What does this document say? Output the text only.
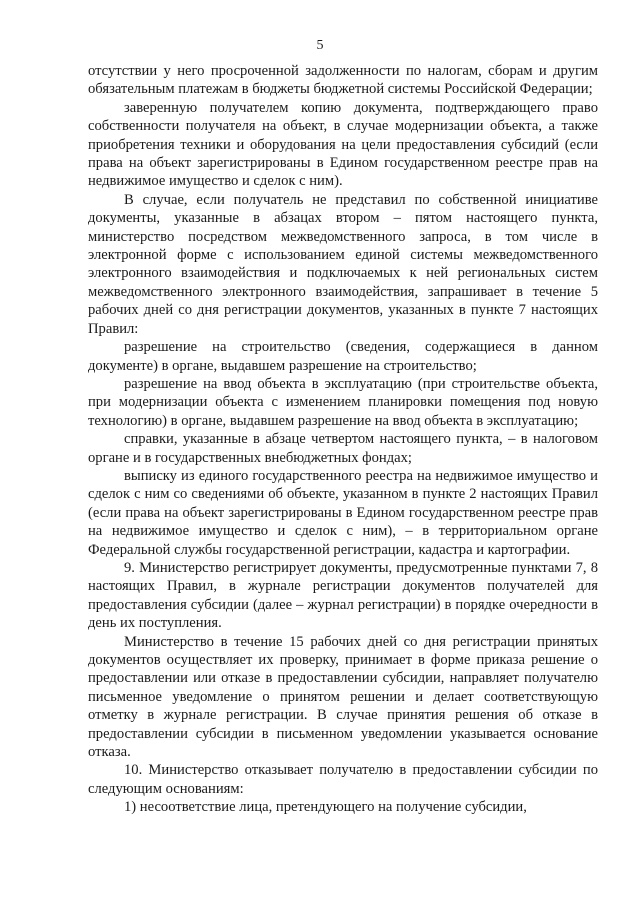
5

отсутствии у него просроченной задолженности по налогам, сборам и другим обязательным платежам в бюджеты бюджетной системы Российской Федерации;

заверенную получателем копию документа, подтверждающего право собственности получателя на объект, в случае модернизации объекта, а также приобретения техники и оборудования на цели предоставления субсидий (если права на объект зарегистрированы в Едином государственном реестре прав на недвижимое имущество и сделок с ним).

В случае, если получатель не представил по собственной инициативе документы, указанные в абзацах втором – пятом настоящего пункта, министерство посредством межведомственного запроса, в том числе в электронной форме с использованием единой системы межведомственного электронного взаимодействия и подключаемых к ней региональных систем межведомственного электронного взаимодействия, запрашивает в течение 5 рабочих дней со дня регистрации документов, указанных в пункте 7 настоящих Правил:

разрешение на строительство (сведения, содержащиеся в данном документе) в органе, выдавшем разрешение на строительство;

разрешение на ввод объекта в эксплуатацию (при строительстве объекта, при модернизации объекта с изменением планировки помещения под новую технологию) в органе, выдавшем разрешение на ввод объекта в эксплуатацию;

справки, указанные в абзаце четвертом настоящего пункта, – в налоговом органе и в государственных внебюджетных фондах;

выписку из единого государственного реестра на недвижимое имущество и сделок с ним со сведениями об объекте, указанном в пункте 2 настоящих Правил (если права на объект зарегистрированы в Едином государственном реестре прав на недвижимое имущество и сделок с ним), – в территориальном органе Федеральной службы государственной регистрации, кадастра и картографии.

9. Министерство регистрирует документы, предусмотренные пунктами 7, 8 настоящих Правил, в журнале регистрации документов получателей для предоставления субсидии (далее – журнал регистрации) в порядке очередности в день их поступления.

Министерство в течение 15 рабочих дней со дня регистрации принятых документов осуществляет их проверку, принимает в форме приказа решение о предоставлении или отказе в предоставлении субсидии, направляет получателю письменное уведомление о принятом решении и делает соответствующую отметку в журнале регистрации. В случае принятия решения об отказе в предоставлении субсидии в письменном уведомлении указывается основание отказа.

10. Министерство отказывает получателю в предоставлении субсидии по следующим основаниям:

1) несоответствие лица, претендующего на получение субсидии,
